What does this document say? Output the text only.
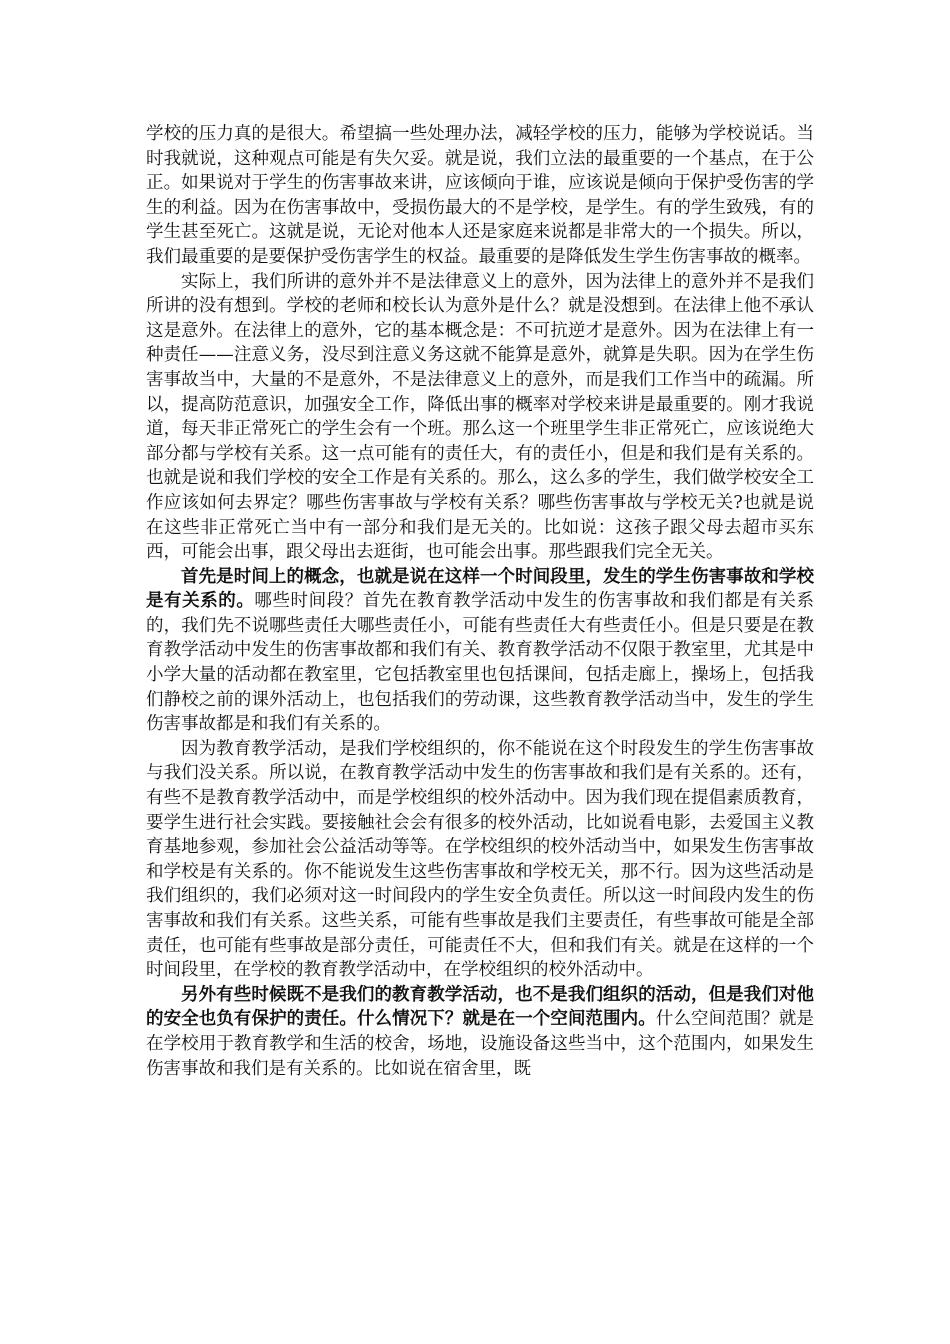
学校的压力真的是很大。希望搞一些处理办法，减轻学校的压力，能够为学校说话。当时我就说，这种观点可能是有失欠妥。就是说，我们立法的最重要的一个基点，在于公正。如果说对于学生的伤害事故来讲，应该倾向于谁，应该说是倾向于保护受伤害的学生的利益。因为在伤害事故中，受损伤最大的不是学校，是学生。有的学生致残，有的学生甚至死亡。这就是说，无论对他本人还是家庭来说都是非常大的一个损失。所以，我们最重要的是要保护受伤害学生的权益。最重要的是降低发生学生伤害事故的概率。

实际上，我们所讲的意外并不是法律意义上的意外，因为法律上的意外并不是我们所讲的没有想到。学校的老师和校长认为意外是什么？就是没想到。在法律上他不承认这是意外。在法律上的意外，它的基本概念是：不可抗逆才是意外。因为在法律上有一种责任——注意义务，没尽到注意义务这就不能算是意外，就算是失职。因为在学生伤害事故当中，大量的不是意外，不是法律意义上的意外，而是我们工作当中的疏漏。所以，提高防范意识，加强安全工作，降低出事的概率对学校来讲是最重要的。刚才我说道，每天非正常死亡的学生会有一个班。那么这一个班里学生非正常死亡，应该说绝大部分都与学校有关系。这一点可能有的责任大，有的责任小，但是和我们是有关系的。也就是说和我们学校的安全工作是有关系的。那么，这么多的学生，我们做学校安全工作应该如何去界定？哪些伤害事故与学校有关系？哪些伤害事故与学校无关?也就是说在这些非正常死亡当中有一部分和我们是无关的。比如说：这孩子跟父母去超市买东西，可能会出事，跟父母出去逛街，也可能会出事。那些跟我们完全无关。

首先是时间上的概念，也就是说在这样一个时间段里，发生的学生伤害事故和学校是有关系的。哪些时间段？首先在教育教学活动中发生的伤害事故和我们都是有关系的，我们先不说哪些责任大哪些责任小，可能有些责任大有些责任小。但是只要是在教育教学活动中发生的伤害事故都和我们有关、教育教学活动不仅限于教室里，尤其是中小学大量的活动都在教室里，它包括教室里也包括课间，包括走廊上，操场上，包括我们静校之前的课外活动上，也包括我们的劳动课，这些教育教学活动当中，发生的学生伤害事故都是和我们有关系的。

因为教育教学活动，是我们学校组织的，你不能说在这个时段发生的学生伤害事故与我们没关系。所以说，在教育教学活动中发生的伤害事故和我们是有关系的。还有，有些不是教育教学活动中，而是学校组织的校外活动中。因为我们现在提倡素质教育，要学生进行社会实践。要接触社会会有很多的校外活动，比如说看电影，去爱国主义教育基地参观，参加社会公益活动等等。在学校组织的校外活动当中，如果发生伤害事故和学校是有关系的。你不能说发生这些伤害事故和学校无关，那不行。因为这些活动是我们组织的，我们必须对这一时间段内的学生安全负责任。所以这一时间段内发生的伤害事故和我们有关系。这些关系，可能有些事故是我们主要责任，有些事故可能是全部责任，也可能有些事故是部分责任，可能责任不大，但和我们有关。就是在这样的一个时间段里，在学校的教育教学活动中，在学校组织的校外活动中。

另外有些时候既不是我们的教育教学活动，也不是我们组织的活动，但是我们对他的安全也负有保护的责任。什么情况下？就是在一个空间范围内。什么空间范围？就是在学校用于教育教学和生活的校舍，场地，设施设备这些当中，这个范围内，如果发生伤害事故和我们是有关系的。比如说在宿舍里，既
